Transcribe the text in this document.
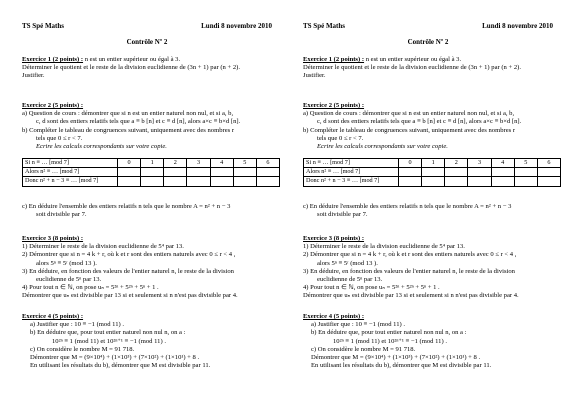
TS Spé Maths	Lundi 8 novembre 2010
Contrôle Nº 2
Exercice 1 (2 points) : n est un entier supérieur ou égal à 3.
Déterminer le quotient et le reste de la division euclidienne de (3n + 1) par (n + 2).
Justifier.
Exercice 2 (5 points) :
a) Question de cours : démontrer que si n est un entier naturel non nul, et si a, b,
c, d sont des entiers relatifs tels que a ≡ b [n] et c ≡ d [n], alors a×c ≡ b×d [n].
b) Compléter le tableau de congruences suivant, uniquement avec des nombres r
tels que 0 ≤ r < 7.
Ecrire les calculs correspondants sur votre copie.
Si n ≡ … [mod 7]	0	1	2	3	4	5	6
Alors n² ≡ … [mod 7]							
Donc n² + n − 3 ≡ … [mod 7]							
c) En déduire l'ensemble des entiers relatifs n tels que le nombre A = n² + n − 3
soit divisible par 7.
Exercice 3 (8 points) :
1) Déterminer le reste de la division euclidienne de 5⁴ par 13.
2) Démontrer que si n = 4 k + r, où k et r sont des entiers naturels avec 0 ≤ r < 4 ,
alors 5ⁿ ≡ 5ʳ (mod 13 ).
3) En déduire, en fonction des valeurs de l'entier naturel n, le reste de la division
euclidienne de 5ⁿ par 13.
4) Pour tout n ∈ ℕ, on pose uₙ = 5²ⁿ + 5²ⁿ + 5ⁿ + 1 .
Démontrer que uₙ est divisible par 13 si et seulement si n n'est pas divisible par 4.
Exercice 4 (5 points) :
a) Justifier que : 10 ≡ −1 (mod 11) .
b) En déduire que, pour tout entier naturel non nul n, on a :
10²ⁿ ≡ 1 (mod 11) et 10²ⁿ⁺¹ ≡ −1 (mod 11) .
c) On considère le nombre M = 91 718.
Démontrer que M = (9×10⁴) + (1×10³) + (7×10²) + (1×10¹) + 8 .
En utilisant les résultats du b), démontrer que M est divisible par 11.
TS Spé Maths	Lundi 8 novembre 2010
Contrôle Nº 2
Exercice 1 (2 points) : n est un entier supérieur ou égal à 3.
Déterminer le quotient et le reste de la division euclidienne de (3n + 1) par (n + 2).
Justifier.
Exercice 2 (5 points) :
a) Question de cours : démontrer que si n est un entier naturel non nul, et si a, b,
c, d sont des entiers relatifs tels que a ≡ b [n] et c ≡ d [n], alors a×c ≡ b×d [n].
b) Compléter le tableau de congruences suivant, uniquement avec des nombres r
tels que 0 ≤ r < 7.
Ecrire les calculs correspondants sur votre copie.
Si n ≡ … [mod 7]	0	1	2	3	4	5	6
Alors n² ≡ … [mod 7]							
Donc n² + n − 3 ≡ … [mod 7]							
c) En déduire l'ensemble des entiers relatifs n tels que le nombre A = n² + n − 3
soit divisible par 7.
Exercice 3 (8 points) :
1) Déterminer le reste de la division euclidienne de 5⁴ par 13.
2) Démontrer que si n = 4 k + r, où k et r sont des entiers naturels avec 0 ≤ r < 4 ,
alors 5ⁿ ≡ 5ʳ (mod 13 ).
3) En déduire, en fonction des valeurs de l'entier naturel n, le reste de la division
euclidienne de 5ⁿ par 13.
4) Pour tout n ∈ ℕ, on pose uₙ = 5²ⁿ + 5²ⁿ + 5ⁿ + 1 .
Démontrer que uₙ est divisible par 13 si et seulement si n n'est pas divisible par 4.
Exercice 4 (5 points) :
a) Justifier que : 10 ≡ −1 (mod 11) .
b) En déduire que, pour tout entier naturel non nul n, on a :
10²ⁿ ≡ 1 (mod 11) et 10²ⁿ⁺¹ ≡ −1 (mod 11) .
c) On considère le nombre M = 91 718.
Démontrer que M = (9×10⁴) + (1×10³) + (7×10²) + (1×10¹) + 8 .
En utilisant les résultats du b), démontrer que M est divisible par 11.
